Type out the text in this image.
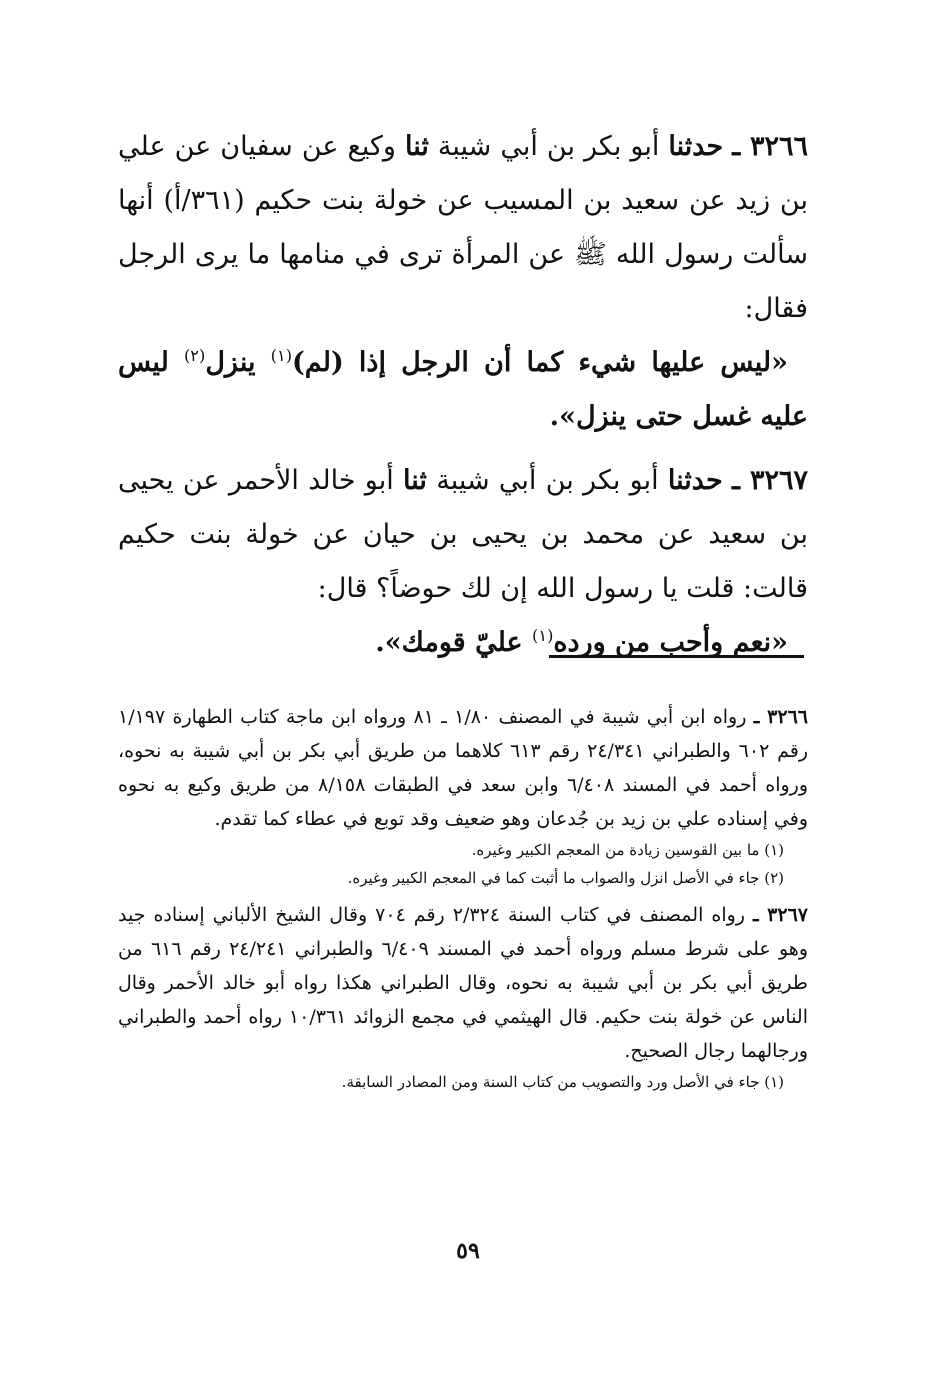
٣٢٦٦ ـ حدثنا أبو بكر بن أبي شيبة ثنا وكيع عن سفيان عن علي بن زيد عن سعيد بن المسيب عن خولة بنت حكيم (٣٦١/أ) أنها سألت رسول الله ﷺ عن المرأة ترى في منامها ما يرى الرجل فقال:

«ليس عليها شيء كما أن الرجل إذا (لم)$^{(١)}$ ينزل$^{(٢)}$ ليس عليه غسل حتى ينزل».

٣٢٦٧ ـ حدثنا أبو بكر بن أبي شيبة ثنا أبو خالد الأحمر عن يحيى بن سعيد عن محمد بن يحيى بن حيان عن خولة بنت حكيم قالت: قلت يا رسول الله إن لك حوضاً؟ قال:

«نعم وأحب من ورده$^{(١)}$ عليّ قومك».

٣٢٦٦ ـ رواه ابن أبي شيبة في المصنف ١/٨٠ ـ ٨١ ورواه ابن ماجة كتاب الطهارة ١/١٩٧ رقم ٦٠٢ والطبراني ٢٤/٣٤١ رقم ٦١٣ كلاهما من طريق أبي بكر بن أبي شيبة به نحوه، ورواه أحمد في المسند ٦/٤٠٨ وابن سعد في الطبقات ٨/١٥٨ من طريق وكيع به نحوه وفي إسناده علي بن زيد بن جُدعان وهو ضعيف وقد توبع في عطاء كما تقدم.

(١) ما بين القوسين زيادة من المعجم الكبير وغيره.

(٢) جاء في الأصل انزل والصواب ما أثبت كما في المعجم الكبير وغيره.

٣٢٦٧ ـ رواه المصنف في كتاب السنة ٢/٣٢٤ رقم ٧٠٤ وقال الشيخ الألباني إسناده جيد وهو على شرط مسلم ورواه أحمد في المسند ٦/٤٠٩ والطبراني ٢٤/٢٤١ رقم ٦١٦ من طريق أبي بكر بن أبي شيبة به نحوه، وقال الطبراني هكذا رواه أبو خالد الأحمر وقال الناس عن خولة بنت حكيم. قال الهيثمي في مجمع الزوائد ١٠/٣٦١ رواه أحمد والطبراني ورجالهما رجال الصحيح.

(١) جاء في الأصل ورد والتصويب من كتاب السنة ومن المصادر السابقة.

٥٩
